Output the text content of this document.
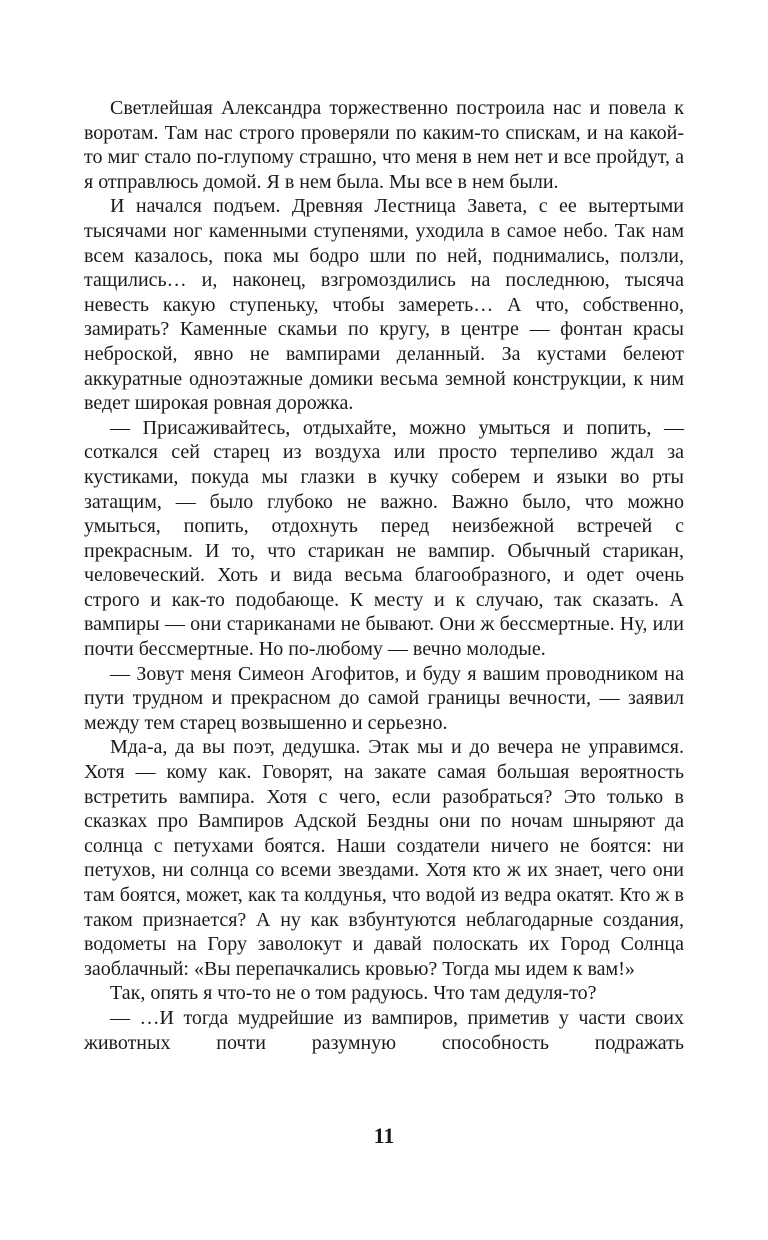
Светлейшая Александра торжественно построила нас и повела к воротам. Там нас строго проверяли по каким-то спискам, и на какой-то миг стало по-глупому страшно, что меня в нем нет и все пройдут, а я отправлюсь домой. Я в нем была. Мы все в нем были.

И начался подъем. Древняя Лестница Завета, с ее вытертыми тысячами ног каменными ступенями, уходила в самое небо. Так нам всем казалось, пока мы бодро шли по ней, поднимались, ползли, тащились… и, наконец, взгромоздились на последнюю, тысяча невесть какую ступеньку, чтобы замереть… А что, собственно, замирать? Каменные скамьи по кругу, в центре — фонтан красы неброской, явно не вампирами деланный. За кустами белеют аккуратные одноэтажные домики весьма земной конструкции, к ним ведет широкая ровная дорожка.

— Присаживайтесь, отдыхайте, можно умыться и попить, — соткался сей старец из воздуха или просто терпеливо ждал за кустиками, покуда мы глазки в кучку соберем и языки во рты затащим, — было глубоко не важно. Важно было, что можно умыться, попить, отдохнуть перед неизбежной встречей с прекрасным. И то, что старикан не вампир. Обычный старикан, человеческий. Хоть и вида весьма благообразного, и одет очень строго и как-то подобающе. К месту и к случаю, так сказать. А вампиры — они стариканами не бывают. Они ж бессмертные. Ну, или почти бессмертные. Но по-любому — вечно молодые.

— Зовут меня Симеон Агофитов, и буду я вашим проводником на пути трудном и прекрасном до самой границы вечности, — заявил между тем старец возвышенно и серьезно.

Мда-а, да вы поэт, дедушка. Этак мы и до вечера не управимся. Хотя — кому как. Говорят, на закате самая большая вероятность встретить вампира. Хотя с чего, если разобраться? Это только в сказках про Вампиров Адской Бездны они по ночам шныряют да солнца с петухами боятся. Наши создатели ничего не боятся: ни петухов, ни солнца со всеми звездами. Хотя кто ж их знает, чего они там боятся, может, как та колдунья, что водой из ведра окатят. Кто ж в таком признается? А ну как взбунтуются неблагодарные создания, водометы на Гору заволокут и давай полоскать их Город Солнца заоблачный: «Вы перепачкались кровью? Тогда мы идем к вам!»

Так, опять я что-то не о том радуюсь. Что там дедуля-то?

— …И тогда мудрейшие из вампиров, приметив у части своих животных почти разумную способность подражать

11
